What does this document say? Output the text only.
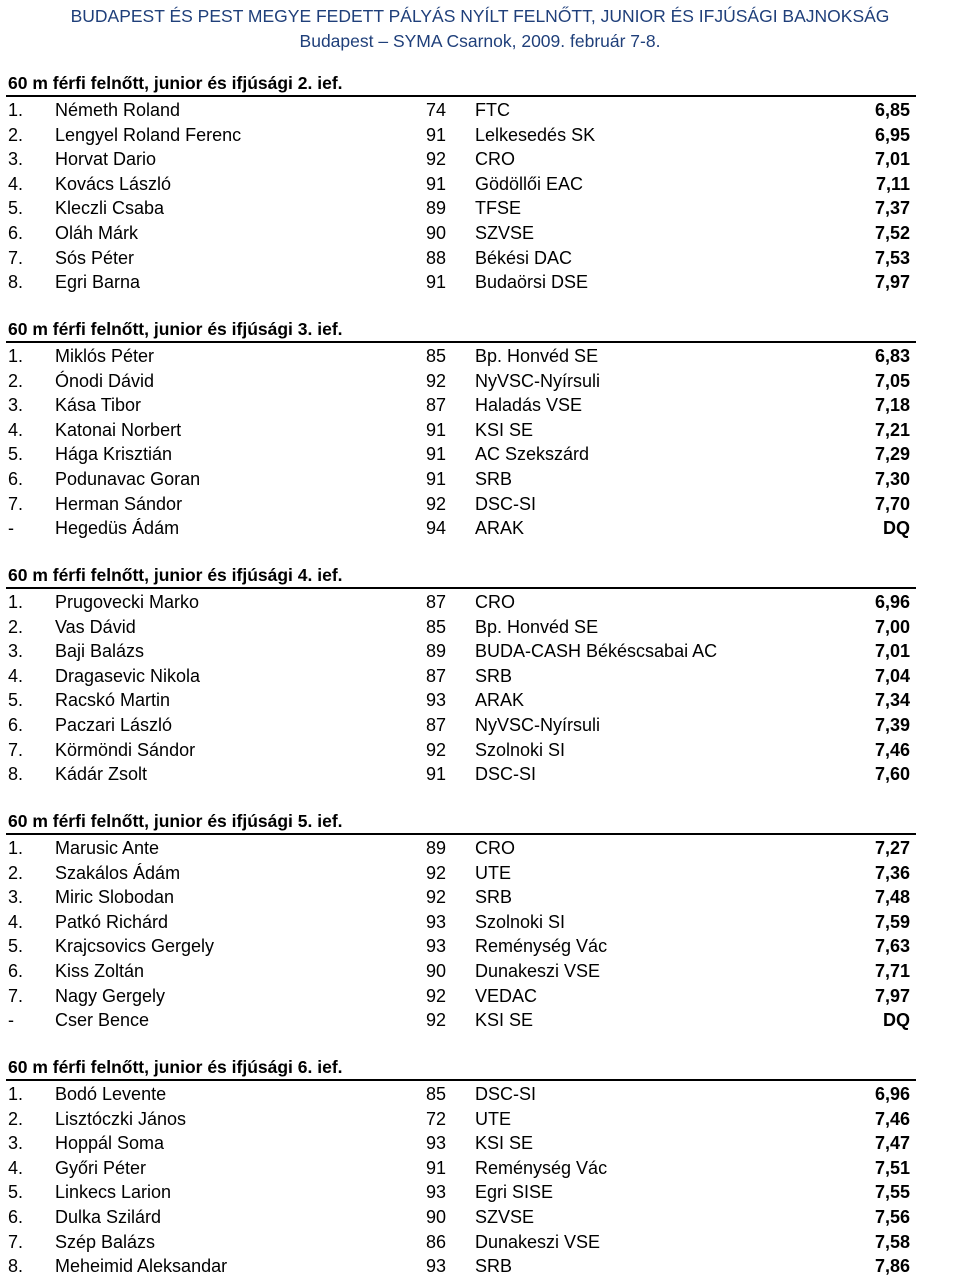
BUDAPEST ÉS PEST MEGYE FEDETT PÁLYÁS NYÍLT FELNŐTT, JUNIOR ÉS IFJÚSÁGI BAJNOKSÁG
Budapest – SYMA Csarnok, 2009. február 7-8.
60 m férfi felnőtt, junior és ifjúsági 2. ief.
1. Németh Roland	74 FTC	6,85
2. Lengyel Roland Ferenc	91 Lelkesedés SK	6,95
3. Horvat Dario	92 CRO	7,01
4. Kovács László	91 Gödöllői EAC	7,11
5. Kleczli Csaba	89 TFSE	7,37
6. Oláh Márk	90 SZVSE	7,52
7. Sós Péter	88 Békési DAC	7,53
8. Egri Barna	91 Budaörsi DSE	7,97
60 m férfi felnőtt, junior és ifjúsági 3. ief.
1. Miklós Péter	85 Bp. Honvéd SE	6,83
2. Ónodi Dávid	92 NyVSC-Nyírsuli	7,05
3. Kása Tibor	87 Haladás VSE	7,18
4. Katonai Norbert	91 KSI SE	7,21
5. Hága Krisztián	91 AC Szekszárd	7,29
6. Podunavac Goran	91 SRB	7,30
7. Herman Sándor	92 DSC-SI	7,70
- Hegedüs Ádám	94 ARAK	DQ
60 m férfi felnőtt, junior és ifjúsági 4. ief.
1. Prugovecki Marko	87 CRO	6,96
2. Vas Dávid	85 Bp. Honvéd SE	7,00
3. Baji Balázs	89 BUDA-CASH Békéscsabai AC	7,01
4. Dragasevic Nikola	87 SRB	7,04
5. Racskó Martin	93 ARAK	7,34
6. Paczari László	87 NyVSC-Nyírsuli	7,39
7. Körmöndi Sándor	92 Szolnoki SI	7,46
8. Kádár Zsolt	91 DSC-SI	7,60
60 m férfi felnőtt, junior és ifjúsági 5. ief.
1. Marusic Ante	89 CRO	7,27
2. Szakálos Ádám	92 UTE	7,36
3. Miric Slobodan	92 SRB	7,48
4. Patkó Richárd	93 Szolnoki SI	7,59
5. Krajcsovics Gergely	93 Reménység Vác	7,63
6. Kiss Zoltán	90 Dunakeszi VSE	7,71
7. Nagy Gergely	92 VEDAC	7,97
- Cser Bence	92 KSI SE	DQ
60 m férfi felnőtt, junior és ifjúsági 6. ief.
1. Bodó Levente	85 DSC-SI	6,96
2. Lisztóczki János	72 UTE	7,46
3. Hoppál Soma	93 KSI SE	7,47
4. Győri Péter	91 Reménység Vác	7,51
5. Linkecs Larion	93 Egri SISE	7,55
6. Dulka Szilárd	90 SZVSE	7,56
7. Szép Balázs	86 Dunakeszi VSE	7,58
8. Meheimid Aleksandar	93 SRB	7,86
